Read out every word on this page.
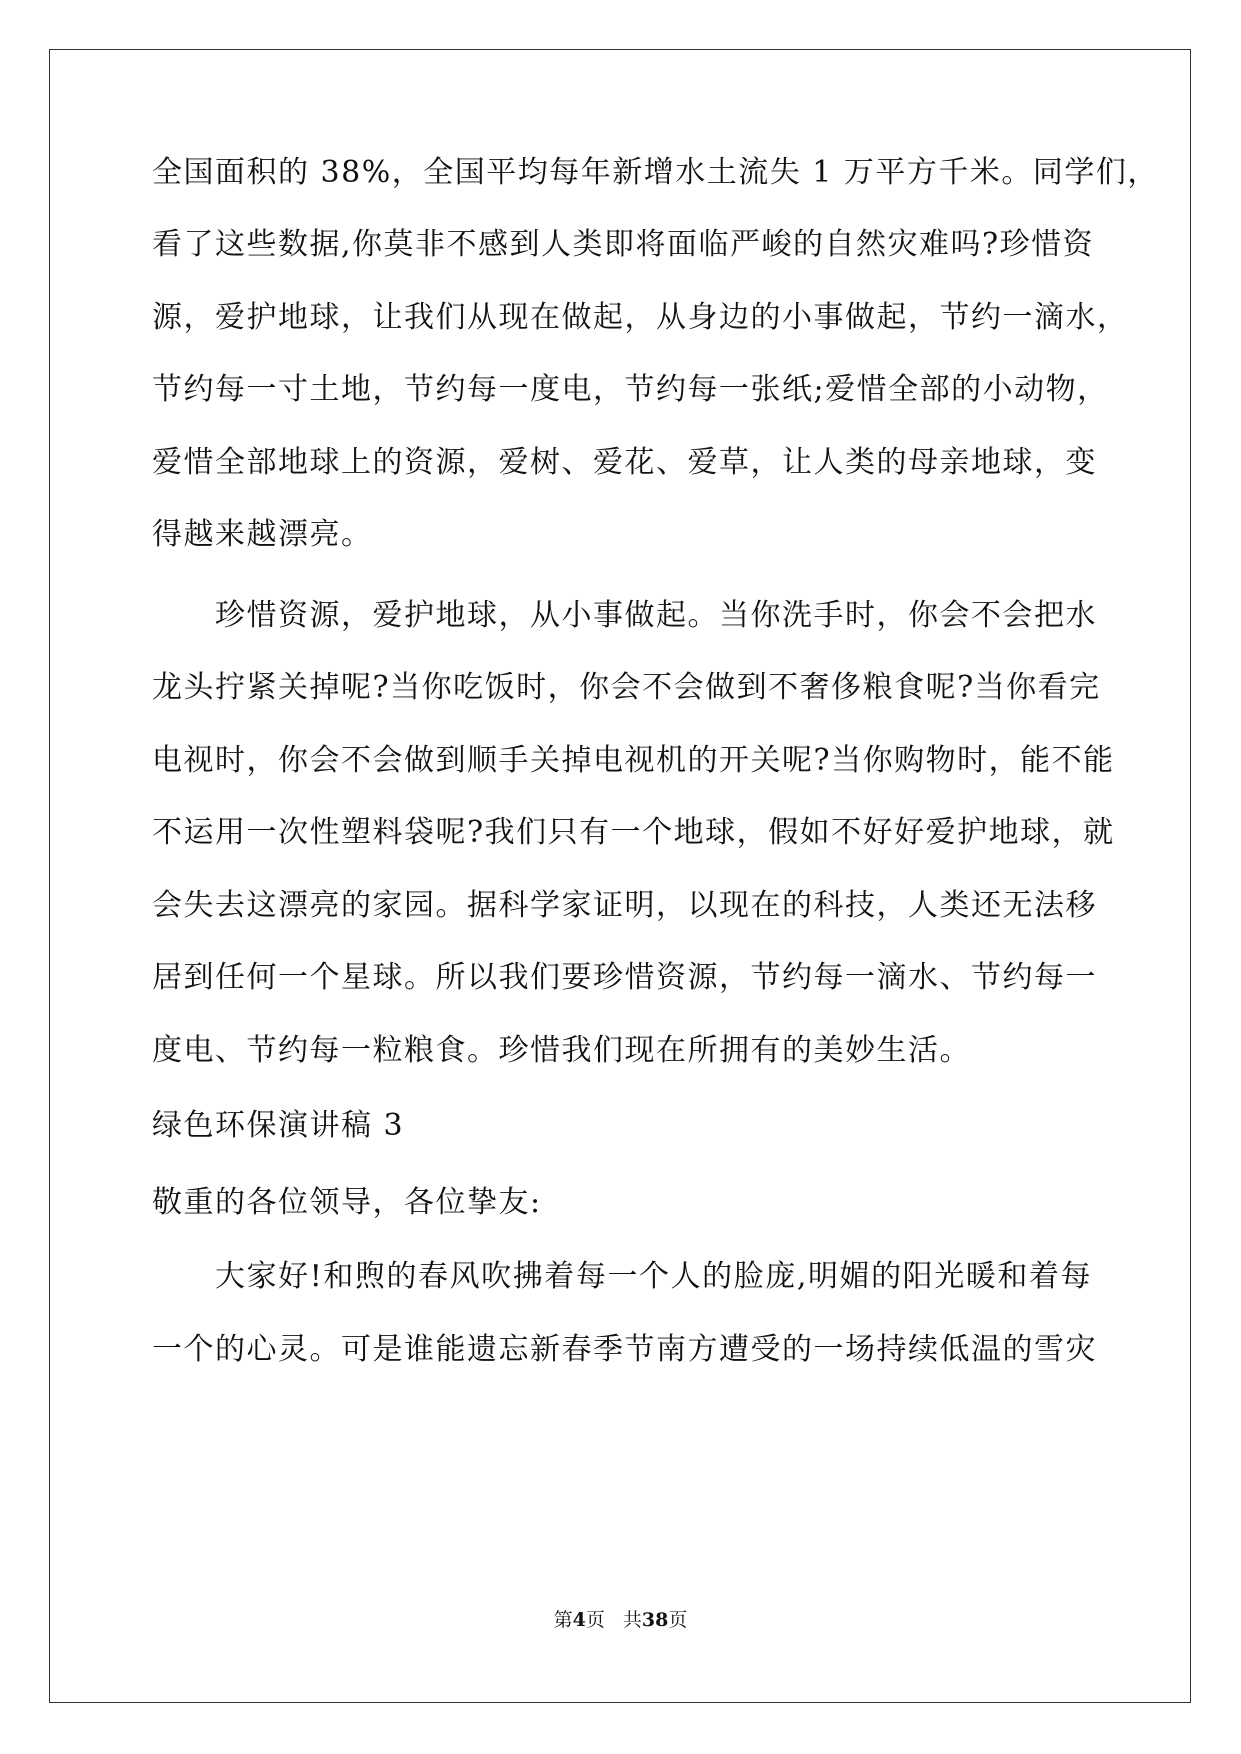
全国面积的 38%，全国平均每年新增水土流失 1 万平方千米。同学们，
看了这些数据,你莫非不感到人类即将面临严峻的自然灾难吗?珍惜资
源，爱护地球，让我们从现在做起，从身边的小事做起，节约一滴水，
节约每一寸土地，节约每一度电，节约每一张纸;爱惜全部的小动物，
爱惜全部地球上的资源，爱树、爱花、爱草，让人类的母亲地球，变
得越来越漂亮。
珍惜资源，爱护地球，从小事做起。当你洗手时，你会不会把水
龙头拧紧关掉呢?当你吃饭时，你会不会做到不奢侈粮食呢?当你看完
电视时，你会不会做到顺手关掉电视机的开关呢?当你购物时，能不能
不运用一次性塑料袋呢?我们只有一个地球，假如不好好爱护地球，就
会失去这漂亮的家园。据科学家证明，以现在的科技，人类还无法移
居到任何一个星球。所以我们要珍惜资源，节约每一滴水、节约每一
度电、节约每一粒粮食。珍惜我们现在所拥有的美妙生活。
绿色环保演讲稿 3
敬重的各位领导，各位挚友:
大家好!和煦的春风吹拂着每一个人的脸庞,明媚的阳光暖和着每
一个的心灵。可是谁能遗忘新春季节南方遭受的一场持续低温的雪灾
第4页 共38页
